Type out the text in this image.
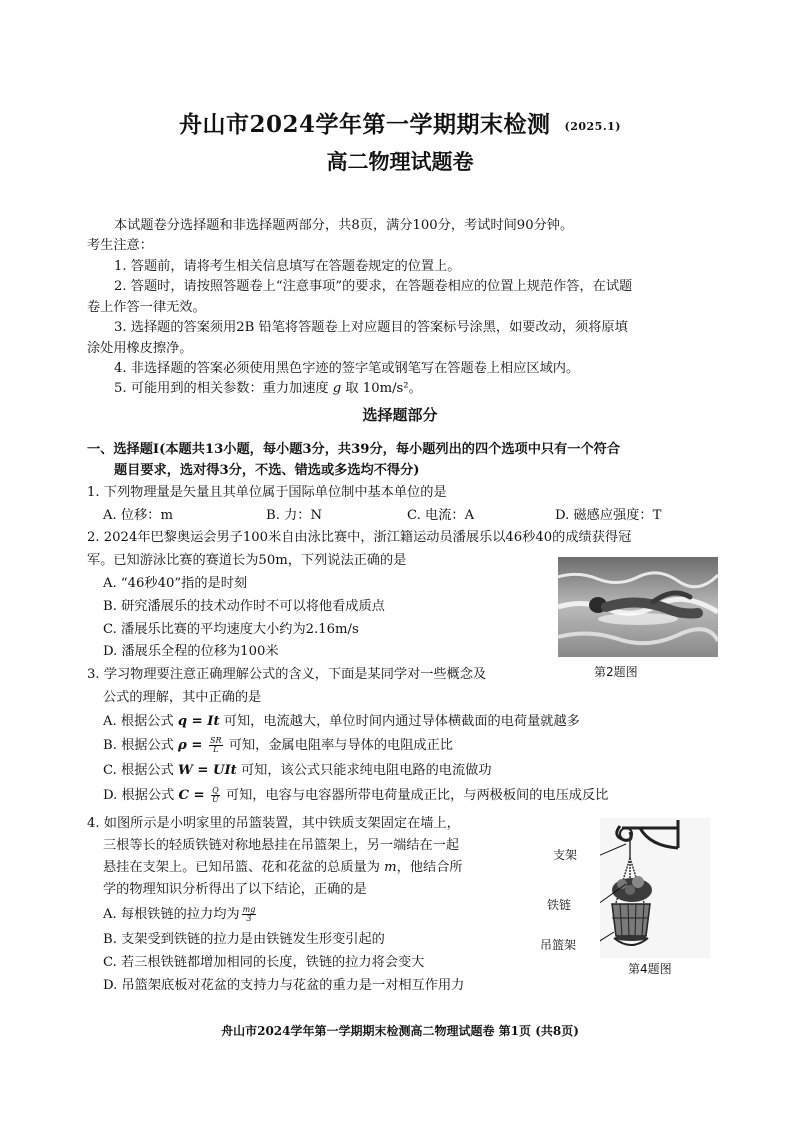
舟山市2024学年第一学期期末检测 (2025.1)
高二物理试题卷
本试题卷分选择题和非选择题两部分，共8页，满分100分，考试时间90分钟。
考生注意：
1. 答题前，请将考生相关信息填写在答题卷规定的位置上。
2. 答题时，请按照答题卷上“注意事项”的要求，在答题卷相应的位置上规范作答，在试题
卷上作答一律无效。
3. 选择题的答案须用2B 铅笔将答题卷上对应题目的答案标号涂黑，如要改动，须将原填
涂处用橡皮擦净。
4. 非选择题的答案必须使用黑色字迹的签字笔或钢笔写在答题卷上相应区域内。
5. 可能用到的相关参数：重力加速度 g 取 10m/s²。
选择题部分
一、选择题Ⅰ(本题共13小题，每小题3分，共39分，每小题列出的四个选项中只有一个符合
题目要求，选对得3分，不选、错选或多选均不得分)
1. 下列物理量是矢量且其单位属于国际单位制中基本单位的是
A. 位移：m	B. 力：N	C. 电流：A	D. 磁感应强度：T
2. 2024年巴黎奥运会男子100米自由泳比赛中，浙江籍运动员潘展乐以46秒40的成绩获得冠
军。已知游泳比赛的赛道长为50m，下列说法正确的是
A. “46秒40”指的是时刻
B. 研究潘展乐的技术动作时不可以将他看成质点
C. 潘展乐比赛的平均速度大小约为2.16m/s
D. 潘展乐全程的位移为100米
第2题图
3. 学习物理要注意正确理解公式的含义，下面是某同学对一些概念及
公式的理解，其中正确的是
A. 根据公式 q = It 可知，电流越大，单位时间内通过导体横截面的电荷量就越多
B. 根据公式 $\rho = \frac{SR}{L}$ 可知，金属电阻率与导体的电阻成正比
C. 根据公式 W = UIt 可知，该公式只能求纯电阻电路的电流做功
D. 根据公式 $C = \frac{Q}{U}$ 可知，电容与电容器所带电荷量成正比，与两极板间的电压成反比
4. 如图所示是小明家里的吊篮装置，其中铁质支架固定在墙上，
三根等长的轻质铁链对称地悬挂在吊篮架上，另一端结在一起
悬挂在支架上。已知吊篮、花和花盆的总质量为 m，他结合所
学的物理知识分析得出了以下结论，正确的是
A. 每根铁链的拉力均为 $\frac{mg}{3}$
B. 支架受到铁链的拉力是由铁链发生形变引起的
C. 若三根铁链都增加相同的长度，铁链的拉力将会变大
D. 吊篮架底板对花盆的支持力与花盆的重力是一对相互作用力
支架
铁链
吊篮架
第4题图
舟山市2024学年第一学期期末检测高二物理试题卷 第1页 (共8页)
